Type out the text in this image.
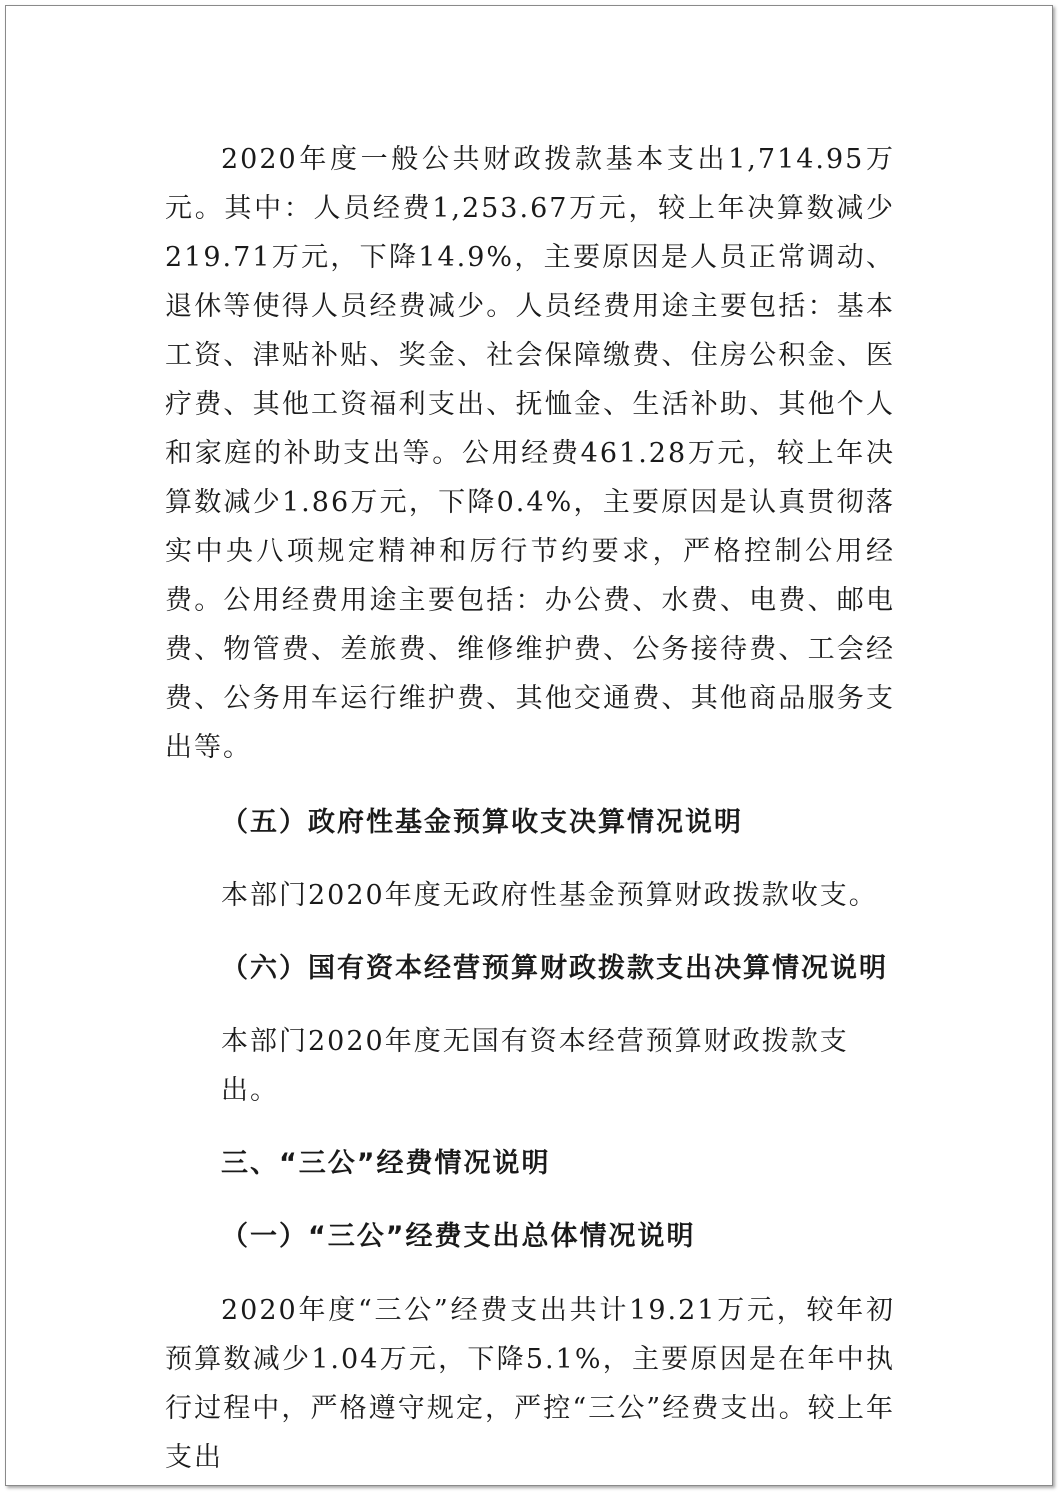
2020年度一般公共财政拨款基本支出1,714.95万元。其中：人员经费1,253.67万元，较上年决算数减少219.71万元，下降14.9%，主要原因是人员正常调动、退休等使得人员经费减少。人员经费用途主要包括：基本工资、津贴补贴、奖金、社会保障缴费、住房公积金、医疗费、其他工资福利支出、抚恤金、生活补助、其他个人和家庭的补助支出等。公用经费461.28万元，较上年决算数减少1.86万元，下降0.4%，主要原因是认真贯彻落实中央八项规定精神和厉行节约要求，严格控制公用经费。公用经费用途主要包括：办公费、水费、电费、邮电费、物管费、差旅费、维修维护费、公务接待费、工会经费、公务用车运行维护费、其他交通费、其他商品服务支出等。

（五）政府性基金预算收支决算情况说明

本部门2020年度无政府性基金预算财政拨款收支。

（六）国有资本经营预算财政拨款支出决算情况说明

本部门2020年度无国有资本经营预算财政拨款支出。

三、“三公”经费情况说明

（一）“三公”经费支出总体情况说明

2020年度“三公”经费支出共计19.21万元，较年初预算数减少1.04万元，下降5.1%，主要原因是在年中执行过程中，严格遵守规定，严控“三公”经费支出。较上年支出
